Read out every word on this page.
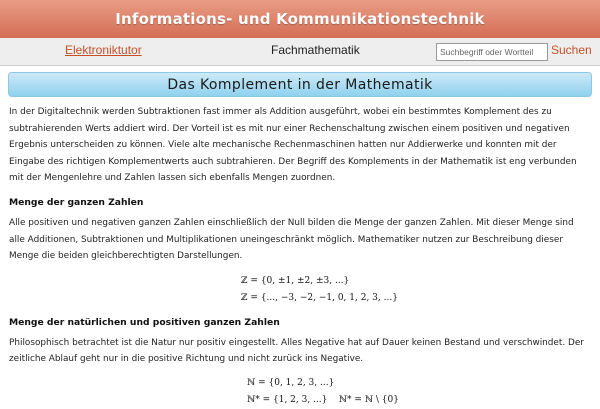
Informations- und Kommunikationstechnik
Elektroniktutor	Fachmathematik
Suchbegriff oder Wortteil	Suchen
Das Komplement in der Mathematik

In der Digitaltechnik werden Subtraktionen fast immer als Addition ausgeführt, wobei ein bestimmtes Komplement des zu subtrahierenden Werts addiert wird. Der Vorteil ist es mit nur einer Rechenschaltung zwischen einem positiven und negativen Ergebnis unterscheiden zu können. Viele alte mechanische Rechenmaschinen hatten nur Addierwerke und konnten mit der Eingabe des richtigen Komplementwerts auch subtrahieren. Der Begriff des Komplements in der Mathematik ist eng verbunden mit der Mengenlehre und Zahlen lassen sich ebenfalls Mengen zuordnen.

Menge der ganzen Zahlen

Alle positiven und negativen ganzen Zahlen einschließlich der Null bilden die Menge der ganzen Zahlen. Mit dieser Menge sind alle Additionen, Subtraktionen und Multiplikationen uneingeschränkt möglich. Mathematiker nutzen zur Beschreibung dieser Menge die beiden gleichberechtigten Darstellungen.

ℤ = {0, ±1, ±2, ±3, ...}
ℤ = {..., −3, −2, −1, 0, 1, 2, 3, ...}
Menge der natürlichen und positiven ganzen Zahlen

Philosophisch betrachtet ist die Natur nur positiv eingestellt. Alles Negative hat auf Dauer keinen Bestand und verschwindet. Der zeitliche Ablauf geht nur in die positive Richtung und nicht zurück ins Negative.

ℕ = {0, 1, 2, 3, ...}
ℕ* = {1, 2, 3, ...}    ℕ* = ℕ \ {0}
